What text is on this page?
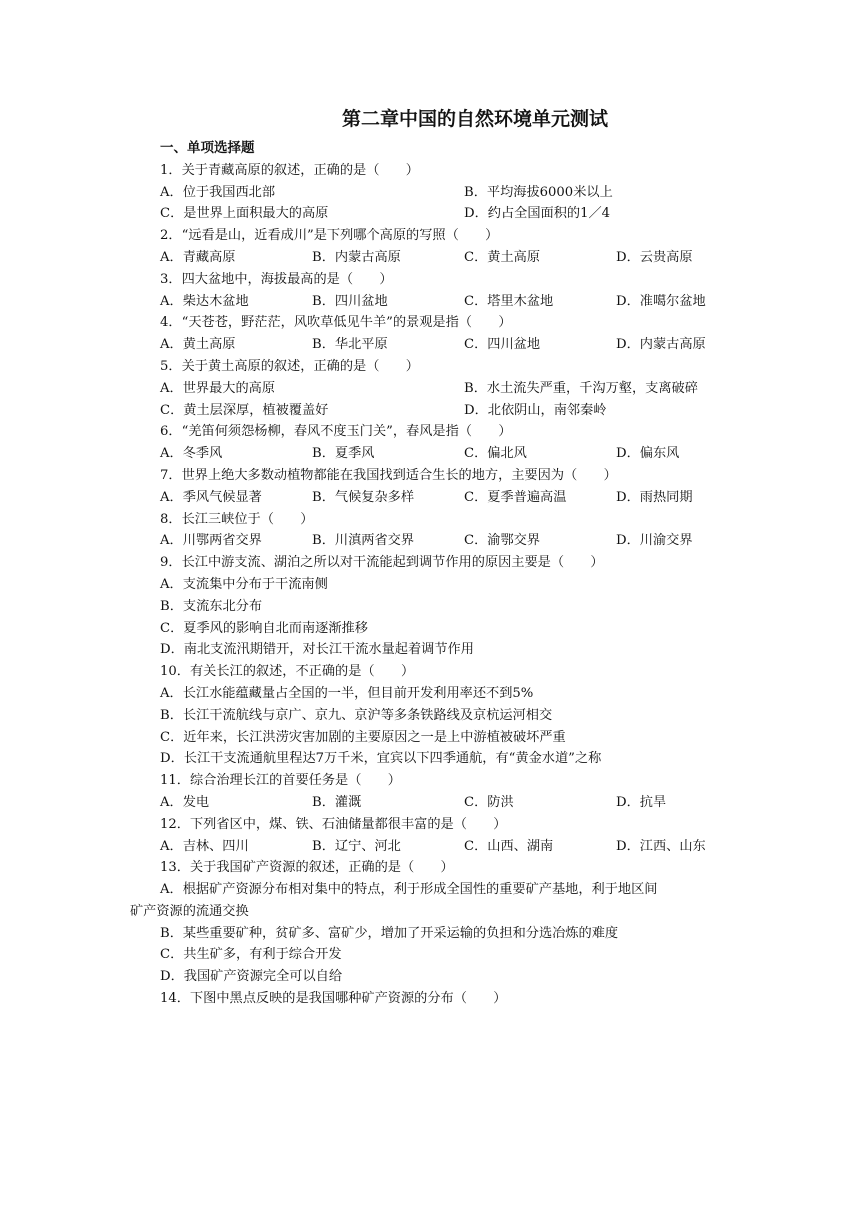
第二章中国的自然环境单元测试
一、单项选择题
1．关于青藏高原的叙述，正确的是（　　）
A．位于我国西北部	B．平均海拔6000米以上
C．是世界上面积最大的高原	D．约占全国面积的1／4
2．“远看是山，近看成川”是下列哪个高原的写照（　　）
A．青藏高原	B．内蒙古高原	C．黄土高原	D．云贵高原
3．四大盆地中，海拔最高的是（　　）
A．柴达木盆地	B．四川盆地	C．塔里木盆地	D．准噶尔盆地
4．“天苍苍，野茫茫，风吹草低见牛羊”的景观是指（　　）
A．黄土高原	B．华北平原	C．四川盆地	D．内蒙古高原
5．关于黄土高原的叙述，正确的是（　　）
A．世界最大的高原	B．水土流失严重，千沟万壑，支离破碎
C．黄土层深厚，植被覆盖好	D．北依阴山，南邻秦岭
6．“羌笛何须怨杨柳，春风不度玉门关”，春风是指（　　）
A．冬季风	B．夏季风	C．偏北风	D．偏东风
7．世界上绝大多数动植物都能在我国找到适合生长的地方，主要因为（　　）
A．季风气候显著	B．气候复杂多样	C．夏季普遍高温	D．雨热同期
8．长江三峡位于（　　）
A．川鄂两省交界	B．川滇两省交界	C．渝鄂交界	D．川渝交界
9．长江中游支流、湖泊之所以对干流能起到调节作用的原因主要是（　　）
A．支流集中分布于干流南侧
B．支流东北分布
C．夏季风的影响自北而南逐渐推移
D．南北支流汛期错开，对长江干流水量起着调节作用
10．有关长江的叙述，不正确的是（　　）
A．长江水能蕴藏量占全国的一半，但目前开发利用率还不到5%
B．长江干流航线与京广、京九、京沪等多条铁路线及京杭运河相交
C．近年来，长江洪涝灾害加剧的主要原因之一是上中游植被破坏严重
D．长江干支流通航里程达7万千米，宜宾以下四季通航，有“黄金水道”之称
11．综合治理长江的首要任务是（　　）
A．发电	B．灌溉	C．防洪	D．抗旱
12．下列省区中，煤、铁、石油储量都很丰富的是（　　）
A．吉林、四川	B．辽宁、河北	C．山西、湖南	D．江西、山东
13．关于我国矿产资源的叙述，正确的是（　　）
A．根据矿产资源分布相对集中的特点，利于形成全国性的重要矿产基地，利于地区间
矿产资源的流通交换
B．某些重要矿种，贫矿多、富矿少，增加了开采运输的负担和分选冶炼的难度
C．共生矿多，有利于综合开发
D．我国矿产资源完全可以自给
14．下图中黑点反映的是我国哪种矿产资源的分布（　　）
